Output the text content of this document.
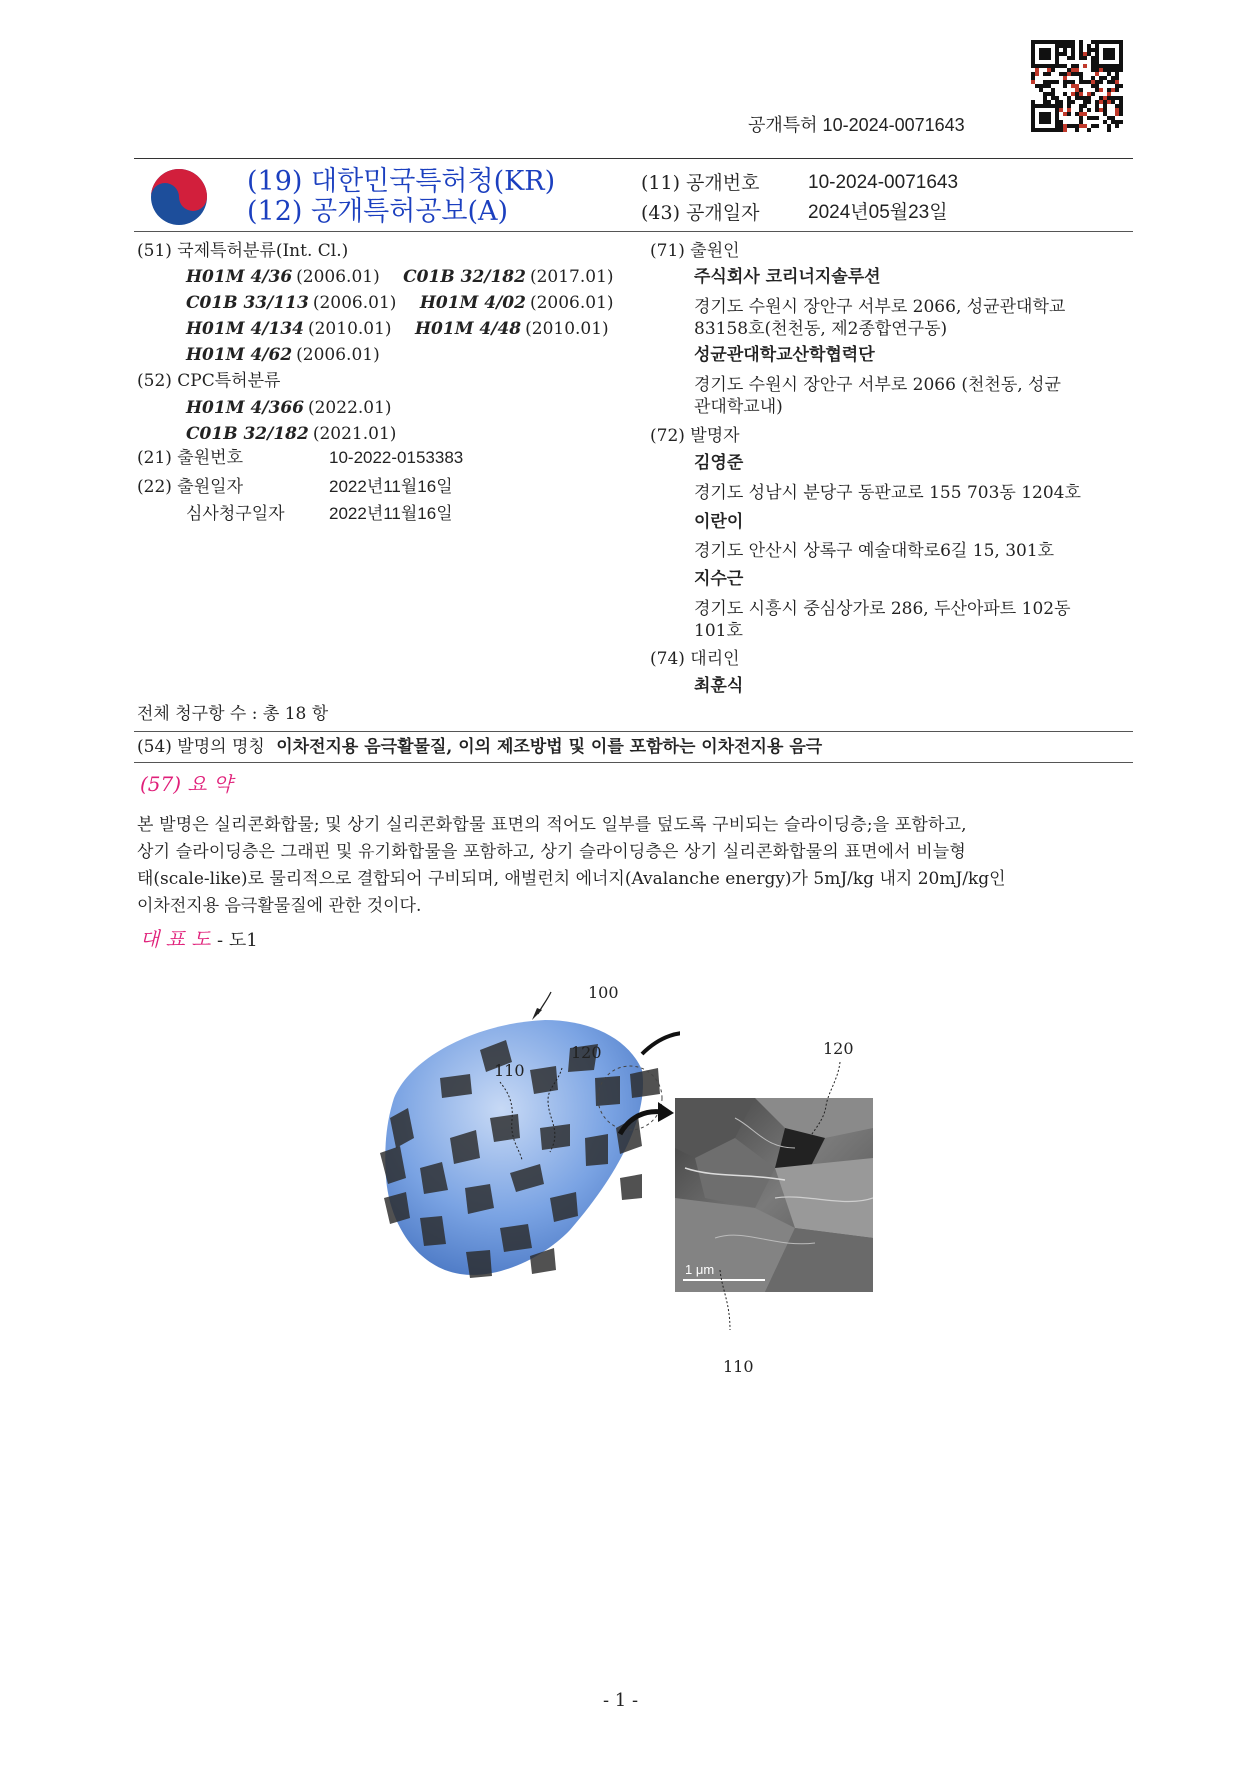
공개특허 10-2024-0071643
(19) 대한민국특허청(KR)
(12) 공개특허공보(A)
(11) 공개번호	10-2024-0071643
(43) 공개일자	2024년05월23일
(51) 국제특허분류(Int. Cl.)
H01M 4/36 (2006.01) C01B 32/182 (2017.01)
C01B 33/113 (2006.01) H01M 4/02 (2006.01)
H01M 4/134 (2010.01) H01M 4/48 (2010.01)
H01M 4/62 (2006.01)
(52) CPC특허분류
H01M 4/366 (2022.01)
C01B 32/182 (2021.01)
(21) 출원번호	10-2022-0153383
(22) 출원일자	2022년11월16일
심사청구일자	2022년11월16일
(71) 출원인
주식회사 코리너지솔루션
경기도 수원시 장안구 서부로 2066, 성균관대학교
83158호(천천동, 제2종합연구동)
성균관대학교산학협력단
경기도 수원시 장안구 서부로 2066 (천천동, 성균
관대학교내)
(72) 발명자
김영준
경기도 성남시 분당구 동판교로 155 703동 1204호
이란이
경기도 안산시 상록구 예술대학로6길 15, 301호
지수근
경기도 시흥시 중심상가로 286, 두산아파트 102동
101호
(74) 대리인
최훈식
전체 청구항 수 : 총 18 항
(54) 발명의 명칭 이차전지용 음극활물질, 이의 제조방법 및 이를 포함하는 이차전지용 음극
(57) 요 약
본 발명은 실리콘화합물; 및 상기 실리콘화합물 표면의 적어도 일부를 덮도록 구비되는 슬라이딩층;을 포함하고,
상기 슬라이딩층은 그래핀 및 유기화합물을 포함하고, 상기 슬라이딩층은 상기 실리콘화합물의 표면에서 비늘형
태(scale-like)로 물리적으로 결합되어 구비되며, 애벌런치 에너지(Avalanche energy)가 5mJ/kg 내지 20mJ/kg인
이차전지용 음극활물질에 관한 것이다.
대 표 도 - 도1
1 μm
100
110
120	120
110
- 1 -
